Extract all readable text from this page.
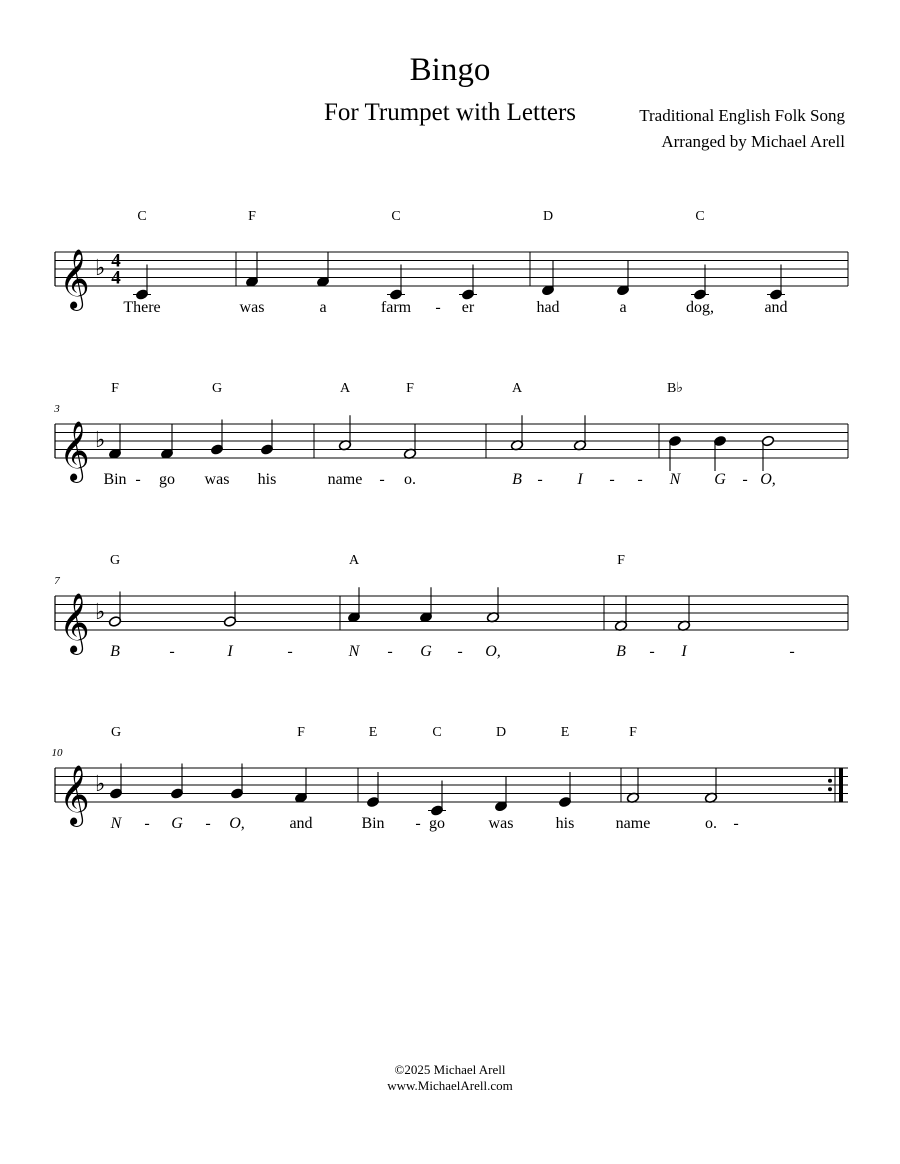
Bingo
For Trumpet with Letters	Traditional English Folk Song
Arranged by Michael Arell
𝄞 ♭ 4
4
C
There
F
was	a
C
farm	er
D
had	a
C
dog,	and
-
𝄞 ♭
3
F
Bin go
G
was his
A
name
F
o.
A
B	I
B♭
N G O,
-	-	-	- -	-
𝄞 ♭
7
G
B	I
A
N	G	O,
F
B	I
-	-	-	-	-	-
𝄞 ♭
10
G
N	G	O,
F
and
E
Bin
C
go
D
was
E
his
F
name	o.
-	-	-	-
©2025 Michael Arell
www.MichaelArell.com
